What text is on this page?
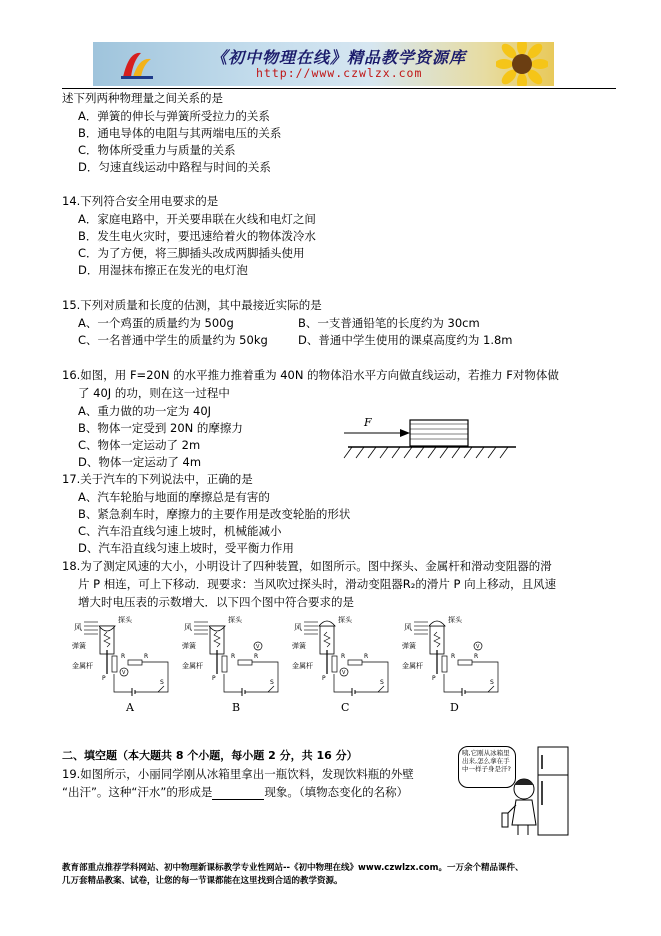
《初中物理在线》精品教学资源库
http://www.czwlzx.com
述下列两种物理量之间关系的是
A．弹簧的伸长与弹簧所受拉力的关系
B．通电导体的电阻与其两端电压的关系
C．物体所受重力与质量的关系
D．匀速直线运动中路程与时间的关系
14.下列符合安全用电要求的是
A．家庭电路中，开关要串联在火线和电灯之间
B．发生电火灾时，要迅速给着火的物体泼冷水
C．为了方便，将三脚插头改成两脚插头使用
D．用湿抹布擦正在发光的电灯泡
15.下列对质量和长度的估测，其中最接近实际的是
A、一个鸡蛋的质量约为 500g	B、一支普通铅笔的长度约为 30cm
C、一名普通中学生的质量约为 50kg	D、普通中学生使用的课桌高度约为 1.8m
16.如图，用 F=20N 的水平推力推着重为 40N 的物体沿水平方向做直线运动，若推力 F对物体做
了 40J 的功，则在这一过程中
A、重力做的功一定为 40J
B、物体一定受到 20N 的摩擦力
C、物体一定运动了 2m
D、物体一定运动了 4m
F
17.关于汽车的下列说法中，正确的是
A、汽车轮胎与地面的摩擦总是有害的
B、紧急刹车时，摩擦力的主要作用是改变轮胎的形状
C、汽车沿直线匀速上坡时，机械能减小
D、汽车沿直线匀速上坡时，受平衡力作用
18.为了测定风速的大小，小明设计了四种装置，如图所示。图中探头、金属杆和滑动变阻器的滑
片 P 相连，可上下移动．现要求：当风吹过探头时，滑动变阻器R₂的滑片 P 向上移动，且风速
增大时电压表的示数增大．以下四个图中符合要求的是
风
探头
弹簧
金属杆
R	R
V
S
P
风
探头
弹簧
金属杆
R	R
V
S
P
风
探头
弹簧
金属杆
R	R
V
S
P
风
探头
弹簧
金属杆
R	R
V
S
P
A	B	C	D
二、填空题（本大题共 8 个小题，每小题 2 分，共 16 分）
19.如图所示，小丽同学刚从冰箱里拿出一瓶饮料，发现饮料瓶的外壁
“出汗”。这种“汗水”的形成是	现象。（填物态变化的名称）
咦,它刚从冰箱里出来,怎么拿在手中一样子身是汗?
教育部重点推荐学科网站、初中物理新课标教学专业性网站--《初中物理在线》www.czwlzx.com。一万余个精品课件、
几万套精品教案、试卷，让您的每一节课都能在这里找到合适的教学资源。
